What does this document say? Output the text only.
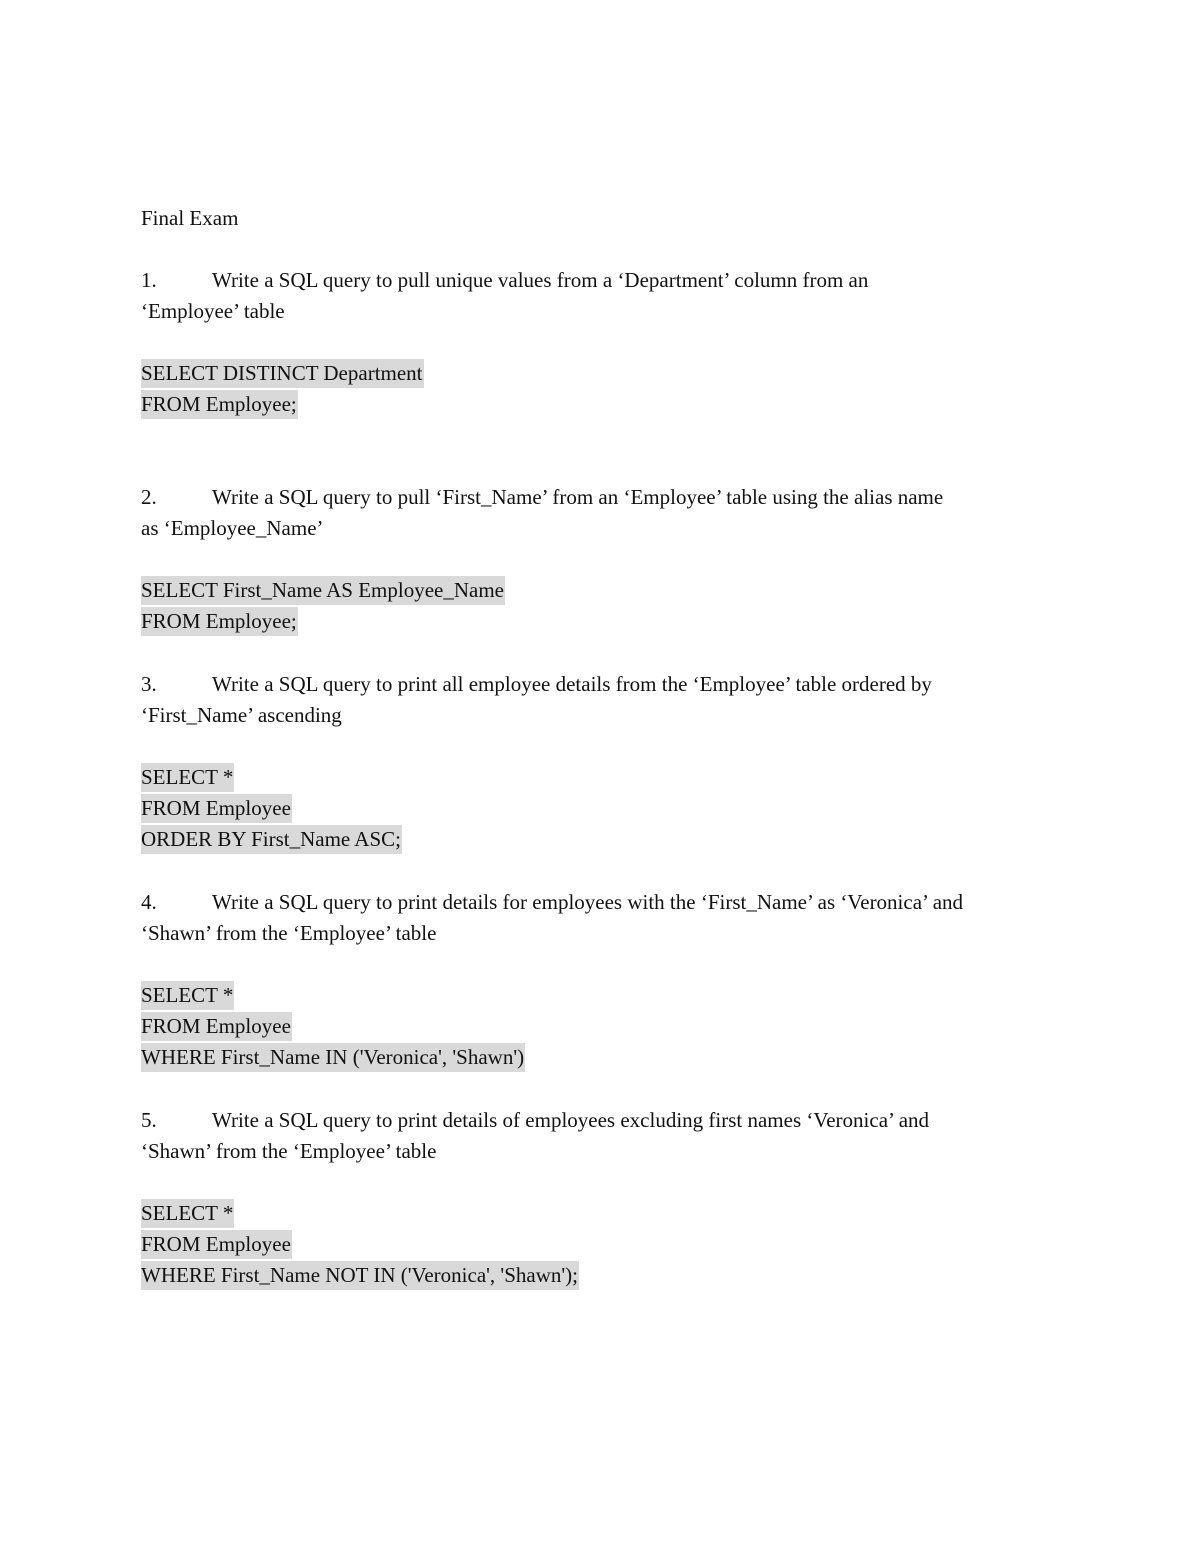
Final Exam
1.	Write a SQL query to pull unique values from a ‘Department’ column from an
‘Employee’ table
SELECT DISTINCT Department
FROM Employee;
2.	Write a SQL query to pull ‘First_Name’ from an ‘Employee’ table using the alias name
as ‘Employee_Name’
SELECT First_Name AS Employee_Name
FROM Employee;
3.	Write a SQL query to print all employee details from the ‘Employee’ table ordered by
‘First_Name’ ascending
SELECT *
FROM Employee
ORDER BY First_Name ASC;
4.	Write a SQL query to print details for employees with the ‘First_Name’ as ‘Veronica’ and
‘Shawn’ from the ‘Employee’ table
SELECT *
FROM Employee
WHERE First_Name IN ('Veronica', 'Shawn')
5.	Write a SQL query to print details of employees excluding first names ‘Veronica’ and
‘Shawn’ from the ‘Employee’ table
SELECT *
FROM Employee
WHERE First_Name NOT IN ('Veronica', 'Shawn');
